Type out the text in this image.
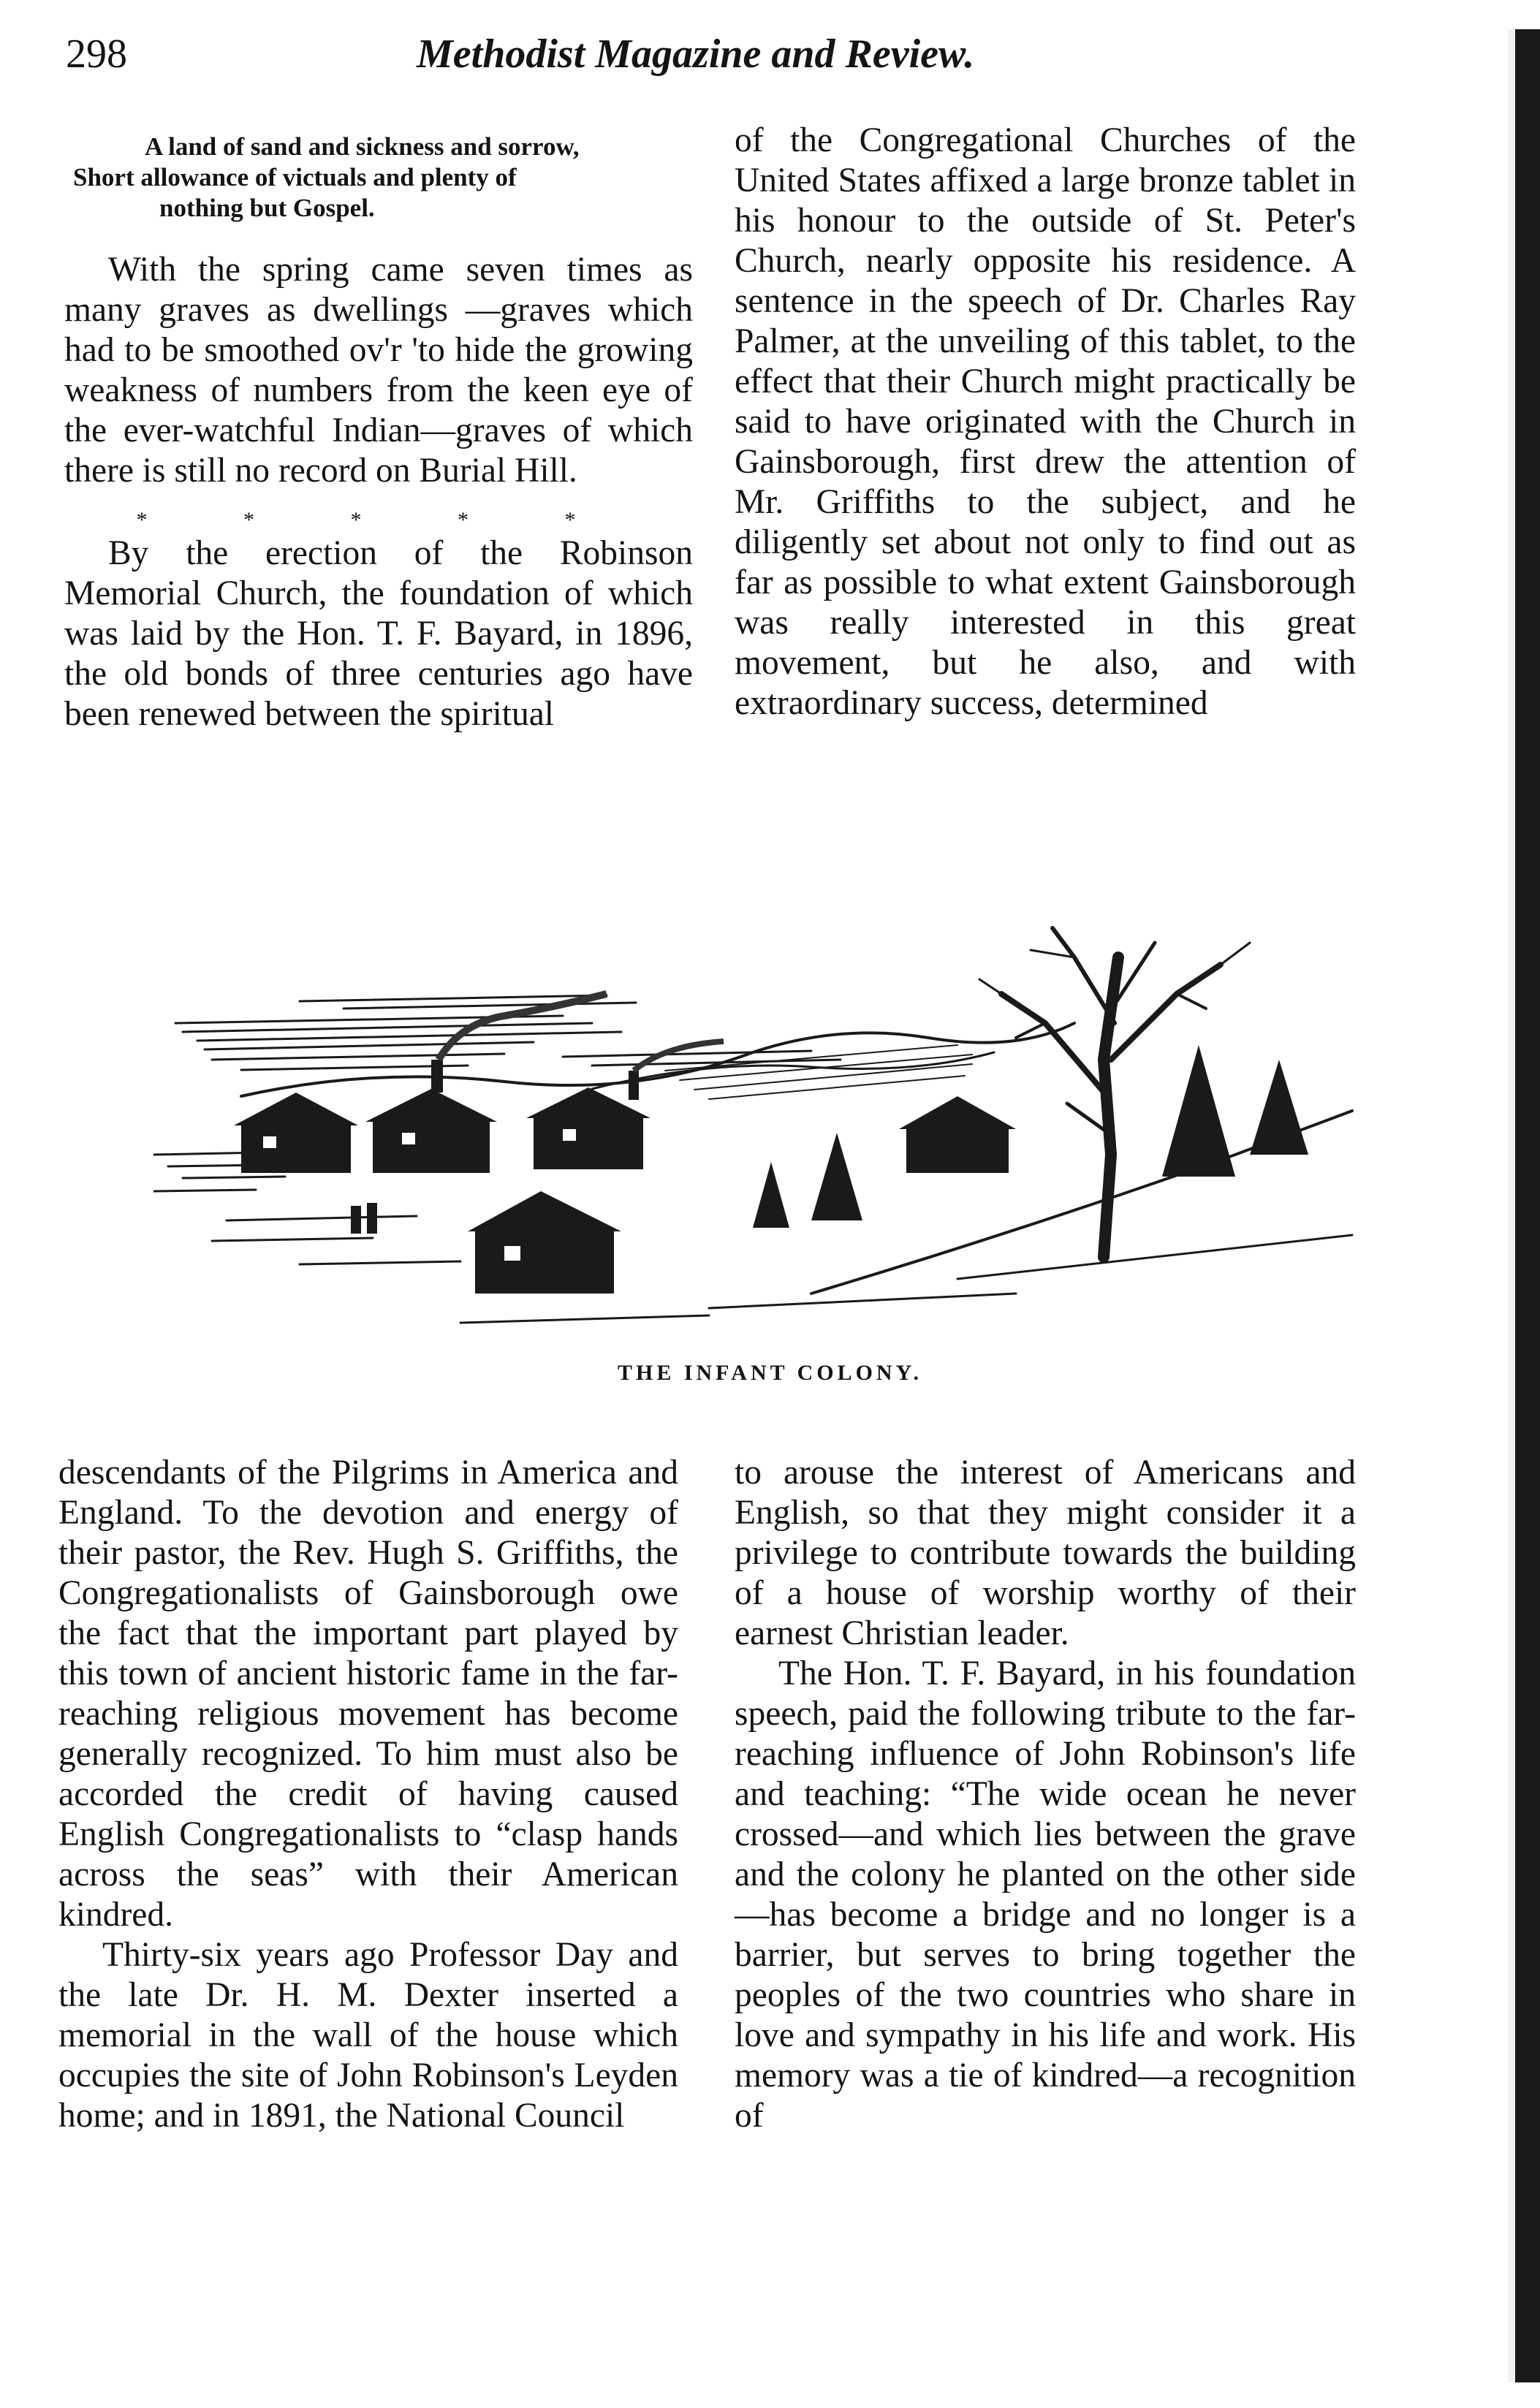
298	Methodist Magazine and Review.

A land of sand and sickness and sorrow,
Short allowance of victuals and plenty of
nothing but Gospel.

With the spring came seven times as many graves as dwellings —graves which had to be smoothed ov'r 'to hide the growing weakness of numbers from the keen eye of the ever-watchful Indian—graves of which there is still no record on Burial Hill.

* * * * *

By the erection of the Robinson Memorial Church, the foundation of which was laid by the Hon. T. F. Bayard, in 1896, the old bonds of three centuries ago have been renewed between the spiritual

of the Congregational Churches of the United States affixed a large bronze tablet in his honour to the outside of St. Peter's Church, nearly opposite his residence. A sentence in the speech of Dr. Charles Ray Palmer, at the unveiling of this tablet, to the effect that their Church might practically be said to have originated with the Church in Gainsborough, first drew the attention of Mr. Griffiths to the subject, and he diligently set about not only to find out as far as possible to what extent Gainsborough was really interested in this great movement, but he also, and with extraordinary success, determined

THE INFANT COLONY.

descendants of the Pilgrims in America and England. To the devotion and energy of their pastor, the Rev. Hugh S. Griffiths, the Congregationalists of Gainsborough owe the fact that the important part played by this town of ancient historic fame in the far-reaching religious movement has become generally recognized. To him must also be accorded the credit of having caused English Congregationalists to “clasp hands across the seas” with their American kindred.

Thirty-six years ago Professor Day and the late Dr. H. M. Dexter inserted a memorial in the wall of the house which occupies the site of John Robinson's Leyden home; and in 1891, the National Council

to arouse the interest of Americans and English, so that they might consider it a privilege to contribute towards the building of a house of worship worthy of their earnest Christian leader.

The Hon. T. F. Bayard, in his foundation speech, paid the following tribute to the far-reaching influence of John Robinson's life and teaching: “The wide ocean he never crossed—and which lies between the grave and the colony he planted on the other side—has become a bridge and no longer is a barrier, but serves to bring together the peoples of the two countries who share in love and sympathy in his life and work. His memory was a tie of kindred—a recognition of
